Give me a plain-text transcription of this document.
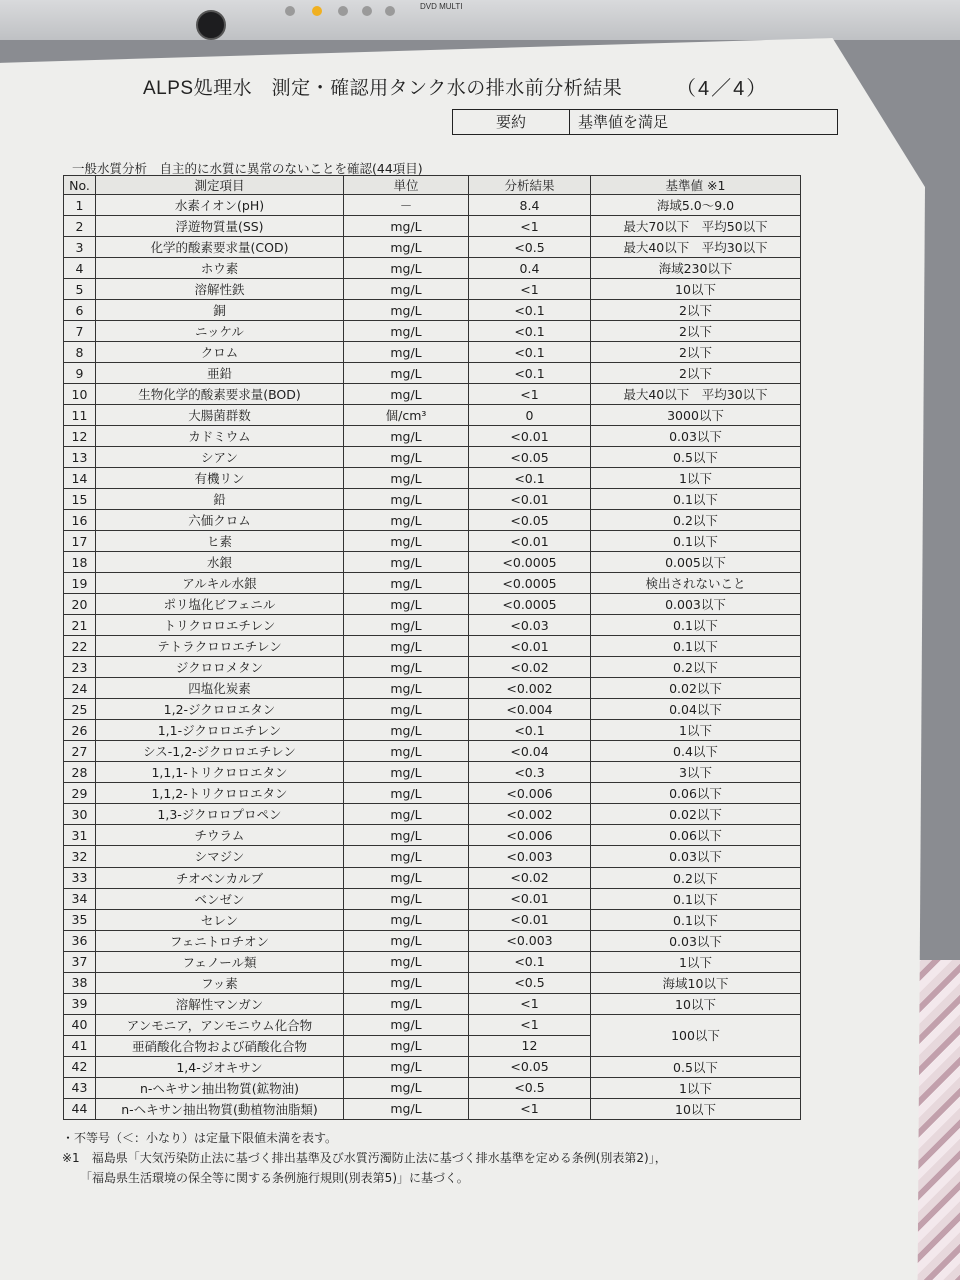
DVD MULTI
ALPS処理水　測定・確認用タンク水の排水前分析結果	（4／4）
要約	基準値を満足
一般水質分析　自主的に水質に異常のないことを確認(44項目)
No.	測定項目	単位	分析結果	基準値 ※1
1	水素イオン(pH)	－	8.4	海域5.0～9.0
2	浮遊物質量(SS)	mg/L	<1	最大70以下　平均50以下
3	化学的酸素要求量(COD)	mg/L	<0.5	最大40以下　平均30以下
4	ホウ素	mg/L	0.4	海域230以下
5	溶解性鉄	mg/L	<1	10以下
6	銅	mg/L	<0.1	2以下
7	ニッケル	mg/L	<0.1	2以下
8	クロム	mg/L	<0.1	2以下
9	亜鉛	mg/L	<0.1	2以下
10	生物化学的酸素要求量(BOD)	mg/L	<1	最大40以下　平均30以下
11	大腸菌群数	個/cm³	0	3000以下
12	カドミウム	mg/L	<0.01	0.03以下
13	シアン	mg/L	<0.05	0.5以下
14	有機リン	mg/L	<0.1	1以下
15	鉛	mg/L	<0.01	0.1以下
16	六価クロム	mg/L	<0.05	0.2以下
17	ヒ素	mg/L	<0.01	0.1以下
18	水銀	mg/L	<0.0005	0.005以下
19	アルキル水銀	mg/L	<0.0005	検出されないこと
20	ポリ塩化ビフェニル	mg/L	<0.0005	0.003以下
21	トリクロロエチレン	mg/L	<0.03	0.1以下
22	テトラクロロエチレン	mg/L	<0.01	0.1以下
23	ジクロロメタン	mg/L	<0.02	0.2以下
24	四塩化炭素	mg/L	<0.002	0.02以下
25	1,2-ジクロロエタン	mg/L	<0.004	0.04以下
26	1,1-ジクロロエチレン	mg/L	<0.1	1以下
27	シス-1,2-ジクロロエチレン	mg/L	<0.04	0.4以下
28	1,1,1-トリクロロエタン	mg/L	<0.3	3以下
29	1,1,2-トリクロロエタン	mg/L	<0.006	0.06以下
30	1,3-ジクロロプロペン	mg/L	<0.002	0.02以下
31	チウラム	mg/L	<0.006	0.06以下
32	シマジン	mg/L	<0.003	0.03以下
33	チオベンカルブ	mg/L	<0.02	0.2以下
34	ベンゼン	mg/L	<0.01	0.1以下
35	セレン	mg/L	<0.01	0.1以下
36	フェニトロチオン	mg/L	<0.003	0.03以下
37	フェノール類	mg/L	<0.1	1以下
38	フッ素	mg/L	<0.5	海域10以下
39	溶解性マンガン	mg/L	<1	10以下
40	アンモニア，アンモニウム化合物	mg/L	<1	100以下
41	亜硝酸化合物および硝酸化合物	mg/L	12	
42	1,4-ジオキサン	mg/L	<0.05	0.5以下
43	n-ヘキサン抽出物質(鉱物油)	mg/L	<0.5	1以下
44	n-ヘキサン抽出物質(動植物油脂類)	mg/L	<1	10以下
・不等号（＜：小なり）は定量下限値未満を表す。
※1　福島県「大気汚染防止法に基づく排出基準及び水質汚濁防止法に基づく排水基準を定める条例(別表第2)」，
　　「福島県生活環境の保全等に関する条例施行規則(別表第5)」に基づく。
